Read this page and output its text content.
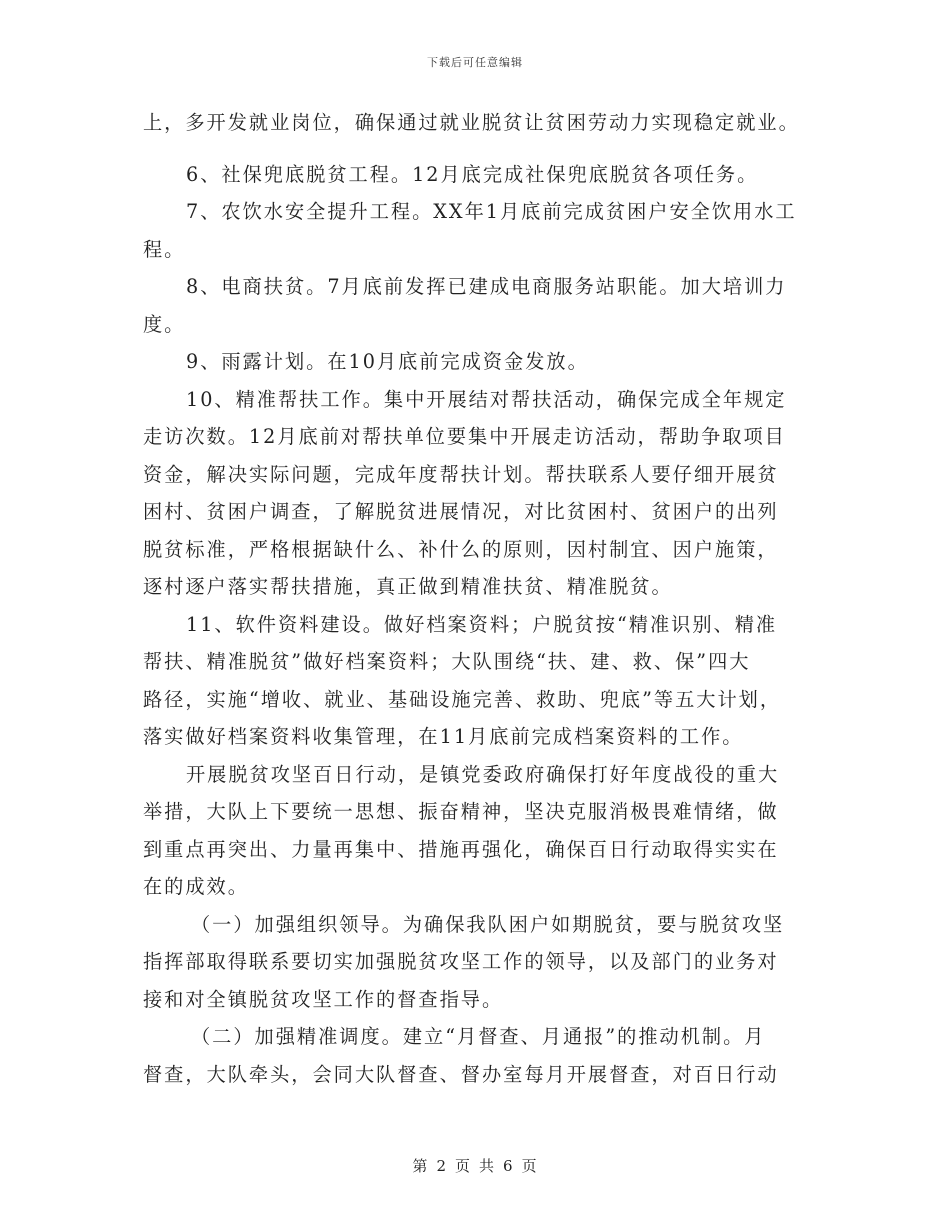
下载后可任意编辑
上，多开发就业岗位，确保通过就业脱贫让贫困劳动力实现稳定就业。
6、社保兜底脱贫工程。12月底完成社保兜底脱贫各项任务。
7、农饮水安全提升工程。XX年1月底前完成贫困户安全饮用水工
程。
8、电商扶贫。7月底前发挥已建成电商服务站职能。加大培训力
度。
9、雨露计划。在10月底前完成资金发放。
10、精准帮扶工作。集中开展结对帮扶活动，确保完成全年规定
走访次数。12月底前对帮扶单位要集中开展走访活动，帮助争取项目
资金，解决实际问题，完成年度帮扶计划。帮扶联系人要仔细开展贫
困村、贫困户调查，了解脱贫进展情况，对比贫困村、贫困户的出列
脱贫标准，严格根据缺什么、补什么的原则，因村制宜、因户施策，
逐村逐户落实帮扶措施，真正做到精准扶贫、精准脱贫。
11、软件资料建设。做好档案资料；户脱贫按“精准识别、精准
帮扶、精准脱贫”做好档案资料；大队围绕“扶、建、救、保”四大
路径，实施“增收、就业、基础设施完善、救助、兜底”等五大计划，
落实做好档案资料收集管理，在11月底前完成档案资料的工作。
开展脱贫攻坚百日行动，是镇党委政府确保打好年度战役的重大
举措，大队上下要统一思想、振奋精神，坚决克服消极畏难情绪，做
到重点再突出、力量再集中、措施再强化，确保百日行动取得实实在
在的成效。
（一）加强组织领导。为确保我队困户如期脱贫，要与脱贫攻坚
指挥部取得联系要切实加强脱贫攻坚工作的领导，以及部门的业务对
接和对全镇脱贫攻坚工作的督查指导。
（二）加强精准调度。建立“月督查、月通报”的推动机制。月
督查，大队牵头，会同大队督查、督办室每月开展督查，对百日行动
第 2 页 共 6 页
